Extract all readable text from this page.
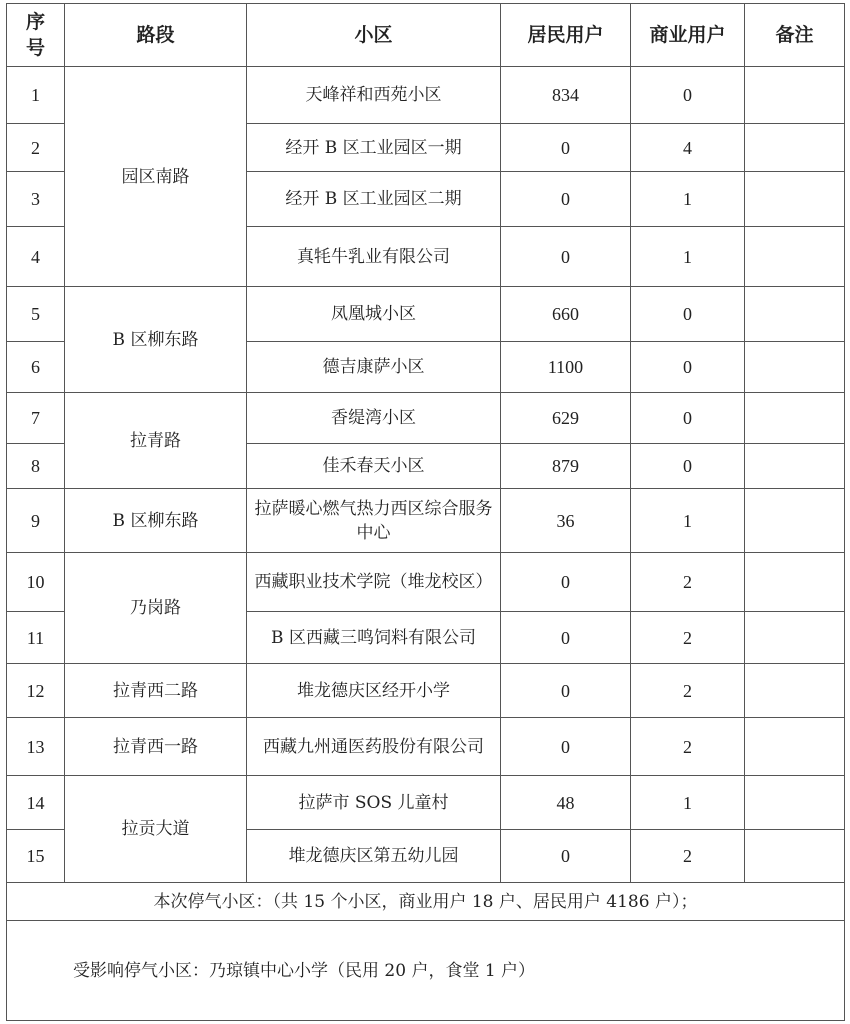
序
号	路段	小区	居民用户	商业用户	备注
1	园区南路	天峰祥和西苑小区	834	0	
2		经开 B 区工业园区一期	0	4	
3		经开 B 区工业园区二期	0	1	
4		真牦牛乳业有限公司	0	1	
5	B 区柳东路	凤凰城小区	660	0	
6		德吉康萨小区	1100	0	
7	拉青路	香缇湾小区	629	0	
8		佳禾春天小区	879	0	
9	B 区柳东路	拉萨暖心燃气热力西区综合服务中心	36	1	
10	乃岗路	西藏职业技术学院（堆龙校区）	0	2	
11		B 区西藏三鸣饲料有限公司	0	2	
12	拉青西二路	堆龙德庆区经开小学	0	2	
13	拉青西一路	西藏九州通医药股份有限公司	0	2	
14	拉贡大道	拉萨市 SOS 儿童村	48	1	
15		堆龙德庆区第五幼儿园	0	2	
本次停气小区：（共 15 个小区，商业用户 18 户、居民用户 4186 户）；					
受影响停气小区：乃琼镇中心小学（民用 20 户，食堂 1 户）					
